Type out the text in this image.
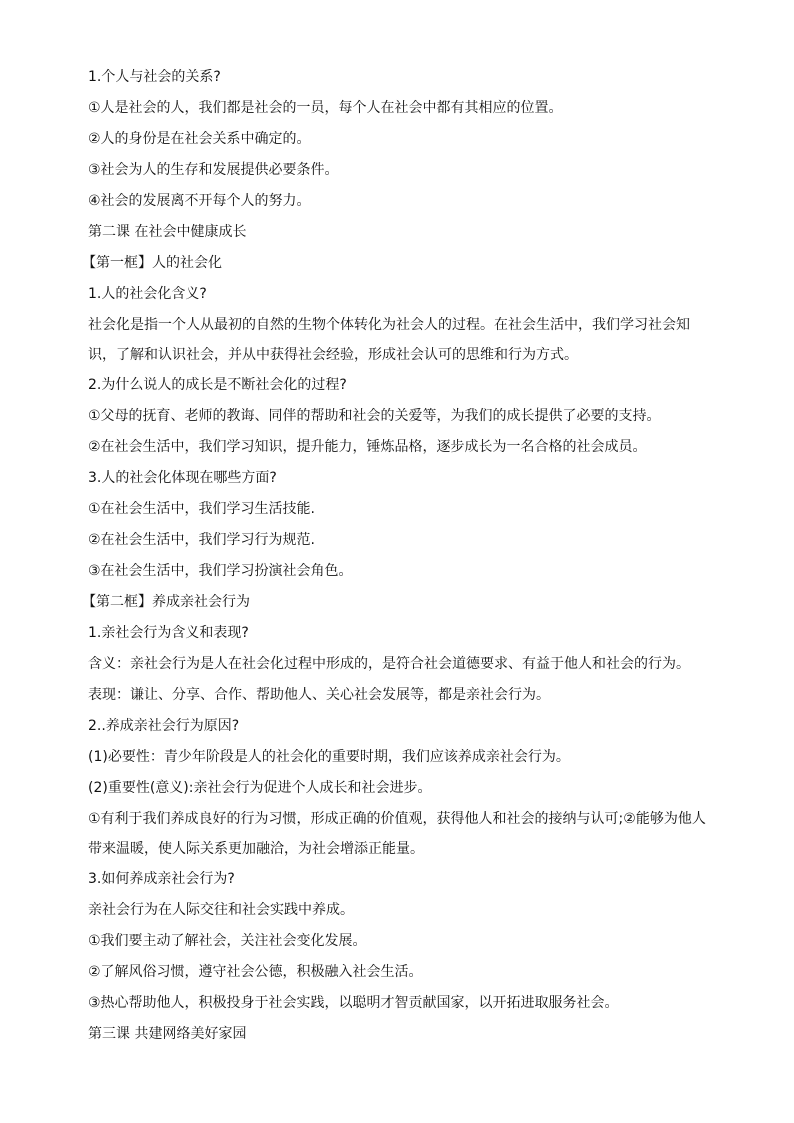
1.个人与社会的关系?

①人是社会的人，我们都是社会的一员，每个人在社会中都有其相应的位置。

②人的身份是在社会关系中确定的。

③社会为人的生存和发展提供必要条件。

④社会的发展离不开每个人的努力。

第二课 在社会中健康成长

【第一框】人的社会化

1.人的社会化含义?

社会化是指一个人从最初的自然的生物个体转化为社会人的过程。在社会生活中，我们学习社会知识，了解和认识社会，并从中获得社会经验，形成社会认可的思维和行为方式。

2.为什么说人的成长是不断社会化的过程?

①父母的抚育、老师的教诲、同伴的帮助和社会的关爱等，为我们的成长提供了必要的支持。

②在社会生活中，我们学习知识，提升能力，锤炼品格，逐步成长为一名合格的社会成员。

3.人的社会化体现在哪些方面?

①在社会生活中，我们学习生活技能.

②在社会生活中，我们学习行为规范.

③在社会生活中，我们学习扮演社会角色。

【第二框】养成亲社会行为

1.亲社会行为含义和表现?

含义：亲社会行为是人在社会化过程中形成的，是符合社会道德要求、有益于他人和社会的行为。

表现：谦让、分享、合作、帮助他人、关心社会发展等，都是亲社会行为。

2..养成亲社会行为原因?

(1)必要性：青少年阶段是人的社会化的重要时期，我们应该养成亲社会行为。

(2)重要性(意义):亲社会行为促进个人成长和社会进步。

①有利于我们养成良好的行为习惯，形成正确的价值观，获得他人和社会的接纳与认可;②能够为他人带来温暖，使人际关系更加融洽，为社会增添正能量。

3.如何养成亲社会行为?

亲社会行为在人际交往和社会实践中养成。

①我们要主动了解社会，关注社会变化发展。

②了解风俗习惯，遵守社会公德，积极融入社会生活。

③热心帮助他人，积极投身于社会实践，以聪明才智贡献国家，以开拓进取服务社会。

第三课 共建网络美好家园
